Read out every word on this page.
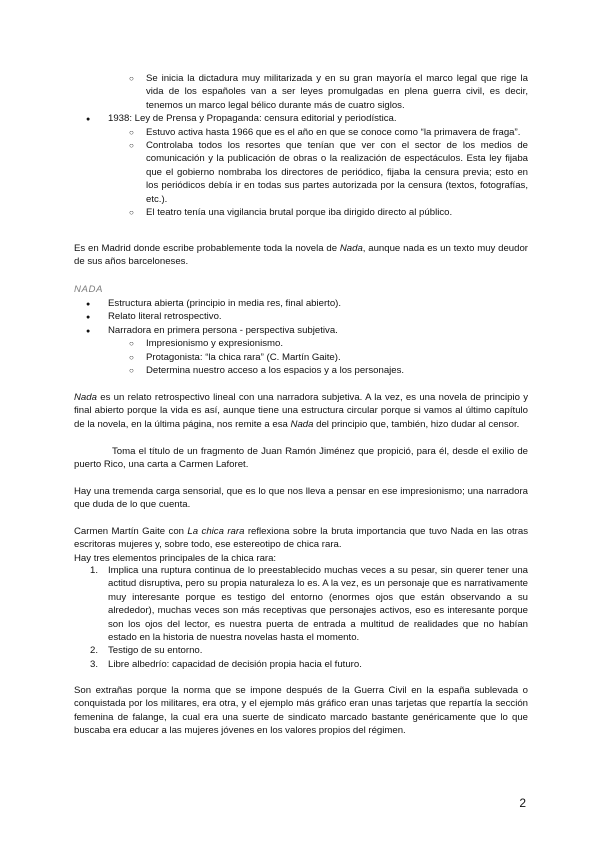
○

Se inicia la dictadura muy militarizada y en su gran mayoría el marco legal que rige la vida de los españoles van a ser leyes promulgadas en plena guerra civil, es decir, tenemos un marco legal bélico durante más de cuatro siglos.

●

1938: Ley de Prensa y Propaganda: censura editorial y periodística.

○

Estuvo activa hasta 1966 que es el año en que se conoce como “la primavera de fraga”.

○

Controlaba todos los resortes que tenían que ver con el sector de los medios de comunicación y la publicación de obras o la realización de espectáculos. Esta ley fijaba que el gobierno nombraba los directores de periódico, fijaba la censura previa; esto en los periódicos debía ir en todas sus partes autorizada por la censura (textos, fotografías, etc.).

○

El teatro tenía una vigilancia brutal porque iba dirigido directo al público.

Es en Madrid donde escribe probablemente toda la novela de Nada, aunque nada es un texto muy deudor de sus años barceloneses.

NADA

●

Estructura abierta (principio in media res, final abierto).

●

Relato literal retrospectivo.

●

Narradora en primera persona - perspectiva subjetiva.

○

Impresionismo y expresionismo.

○

Protagonista: “la chica rara” (C. Martín Gaite).

○

Determina nuestro acceso a los espacios y a los personajes.

Nada es un relato retrospectivo lineal con una narradora subjetiva. A la vez, es una novela de principio y final abierto porque la vida es así, aunque tiene una estructura circular porque si vamos al último capítulo de la novela, en la última página, nos remite a esa Nada del principio que, también, hizo dudar al censor.

Toma el título de un fragmento de Juan Ramón Jiménez que propició, para él, desde el exilio de puerto Rico, una carta a Carmen Laforet.

Hay una tremenda carga sensorial, que es lo que nos lleva a pensar en ese impresionismo; una narradora que duda de lo que cuenta.

Carmen Martín Gaite con La chica rara reflexiona sobre la bruta importancia que tuvo Nada en las otras escritoras mujeres y, sobre todo, ese estereotipo de chica rara.

Hay tres elementos principales de la chica rara:

1. Implica una ruptura continua de lo preestablecido muchas veces a su pesar, sin querer tener una actitud disruptiva, pero su propia naturaleza lo es. A la vez, es un personaje que es narrativamente muy interesante porque es testigo del entorno (enormes ojos que están observando a su alrededor), muchas veces son más receptivas que personajes activos, eso es interesante porque son los ojos del lector, es nuestra puerta de entrada a multitud de realidades que no habían estado en la historia de nuestra novelas hasta el momento.

2. Testigo de su entorno.

3. Libre albedrío: capacidad de decisión propia hacia el futuro.

Son extrañas porque la norma que se impone después de la Guerra Civil en la españa sublevada o conquistada por los militares, era otra, y el ejemplo más gráfico eran unas tarjetas que repartía la sección femenina de falange, la cual era una suerte de sindicato marcado bastante genéricamente que lo que buscaba era educar a las mujeres jóvenes en los valores propios del régimen.

2
